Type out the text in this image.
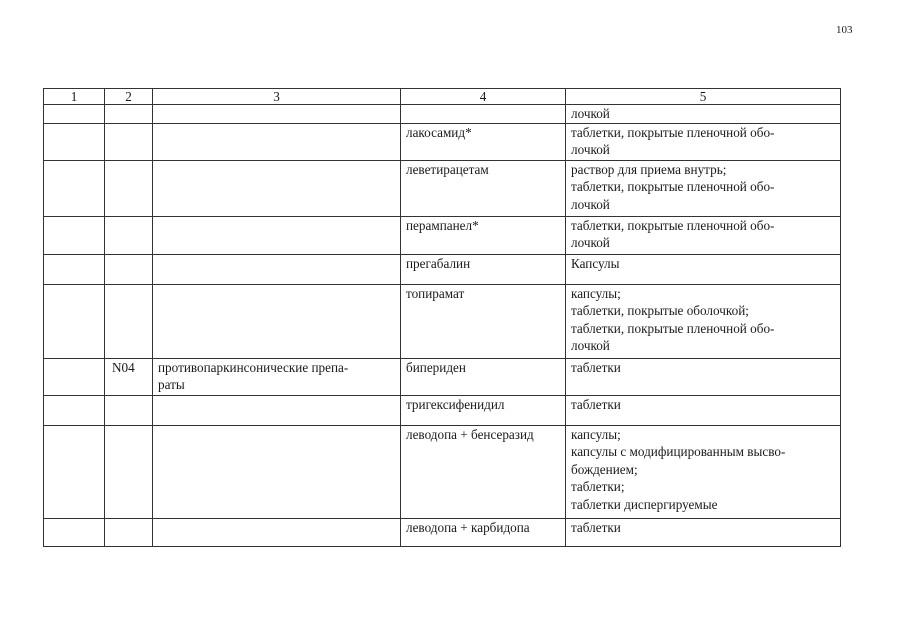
103
1	2	3	4	5

				лочкой

			лакосамид*	таблетки, покрытые пленочной обо-
лочкой

			леветирацетам	раствор для приема внутрь;
таблетки, покрытые пленочной обо-
лочкой

			перампанел*	таблетки, покрытые пленочной обо-
лочкой

			прегабалин	Капсулы

			топирамат	капсулы;
таблетки, покрытые оболочкой;
таблетки, покрытые пленочной обо-
лочкой

	N04	противопаркинсонические препа-
раты	бипериден	таблетки

			тригексифенидил	таблетки

			леводопа + бенсеразид	капсулы;
капсулы с модифицированным высво-
бождением;
таблетки;
таблетки диспергируемые

			леводопа + карбидопа	таблетки
